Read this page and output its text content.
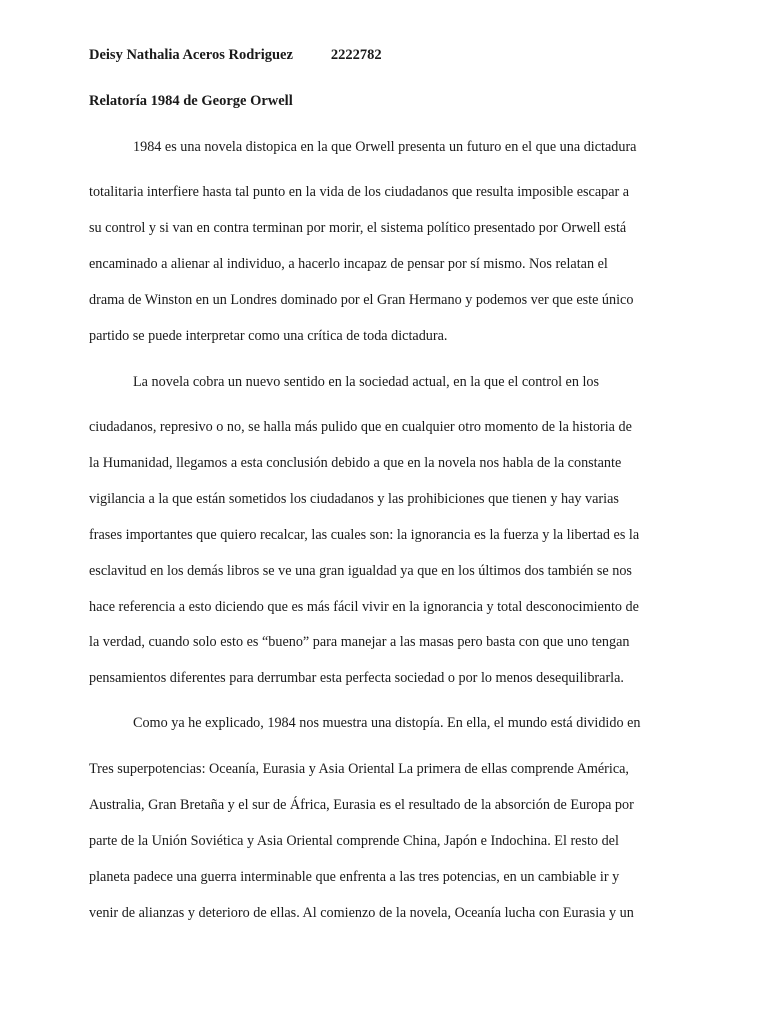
Deisy Nathalia Aceros Rodriguez	2222782
Relatoría 1984 de George Orwell
1984 es una novela distopica en la que Orwell presenta un futuro en el que una dictadura
totalitaria interfiere hasta tal punto en la vida de los ciudadanos que resulta imposible escapar a
su control y si van en contra terminan por morir, el sistema político presentado por Orwell está
encaminado a alienar al individuo, a hacerlo incapaz de pensar por sí mismo. Nos relatan el
drama de Winston en un Londres dominado por el Gran Hermano y podemos ver que este único
partido se puede interpretar como una crítica de toda dictadura.
La novela cobra un nuevo sentido en la sociedad actual, en la que el control en los
ciudadanos, represivo o no, se halla más pulido que en cualquier otro momento de la historia de
la Humanidad, llegamos a esta conclusión debido a que en la novela nos habla de la constante
vigilancia a la que están sometidos los ciudadanos y las prohibiciones que tienen y hay varias
frases importantes que quiero recalcar, las cuales son: la ignorancia es la fuerza y la libertad es la
esclavitud en los demás libros se ve una gran igualdad ya que en los últimos dos también se nos
hace referencia a esto diciendo que es más fácil vivir en la ignorancia y total desconocimiento de
la verdad, cuando solo esto es “bueno” para manejar a las masas pero basta con que uno tengan
pensamientos diferentes para derrumbar esta perfecta sociedad o por lo menos desequilibrarla.
Como ya he explicado, 1984 nos muestra una distopía. En ella, el mundo está dividido en
Tres superpotencias: Oceanía, Eurasia y Asia Oriental La primera de ellas comprende América,
Australia, Gran Bretaña y el sur de África, Eurasia es el resultado de la absorción de Europa por
parte de la Unión Soviética y Asia Oriental comprende China, Japón e Indochina. El resto del
planeta padece una guerra interminable que enfrenta a las tres potencias, en un cambiable ir y
venir de alianzas y deterioro de ellas. Al comienzo de la novela, Oceanía lucha con Eurasia y un
